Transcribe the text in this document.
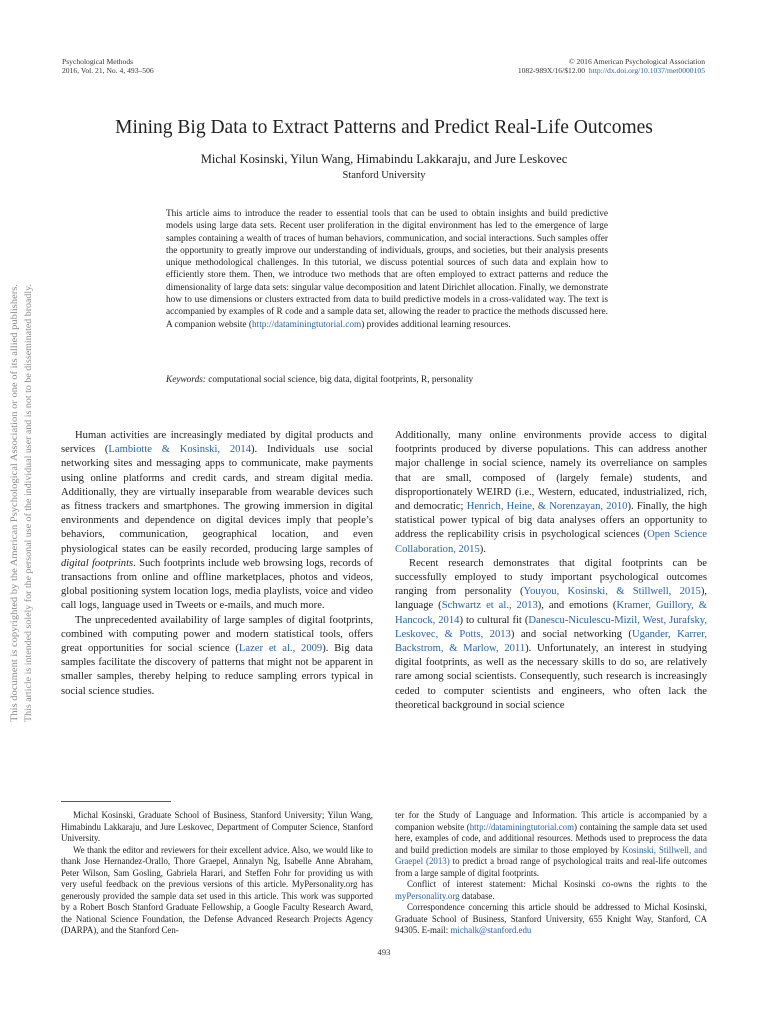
Psychological Methods
2016, Vol. 21, No. 4, 493–506
© 2016 American Psychological Association
1082-989X/16/$12.00 http://dx.doi.org/10.1037/met0000105
Mining Big Data to Extract Patterns and Predict Real-Life Outcomes
Michal Kosinski, Yilun Wang, Himabindu Lakkaraju, and Jure Leskovec
Stanford University
This article aims to introduce the reader to essential tools that can be used to obtain insights and build predictive models using large data sets. Recent user proliferation in the digital environment has led to the emergence of large samples containing a wealth of traces of human behaviors, communication, and social interactions. Such samples offer the opportunity to greatly improve our understanding of individuals, groups, and societies, but their analysis presents unique methodological challenges. In this tutorial, we discuss potential sources of such data and explain how to efficiently store them. Then, we introduce two methods that are often employed to extract patterns and reduce the dimensionality of large data sets: singular value decomposition and latent Dirichlet allocation. Finally, we demonstrate how to use dimensions or clusters extracted from data to build predictive models in a cross-validated way. The text is accompanied by examples of R code and a sample data set, allowing the reader to practice the methods discussed here. A companion website (http://dataminingtutorial.com) provides additional learning resources.
Keywords: computational social science, big data, digital footprints, R, personality
This document is copyrighted by the American Psychological Association or one of its allied publishers. This article is intended solely for the personal use of the individual user and is not to be disseminated broadly.	Human activities are increasingly mediated by digital products and services (Lambiotte & Kosinski, 2014). Individuals use social networking sites and messaging apps to communicate, make payments using online platforms and credit cards, and stream digital media. Additionally, they are virtually inseparable from wearable devices such as fitness trackers and smartphones. The growing immersion in digital environments and dependence on digital devices imply that people’s behaviors, communication, geographical location, and even physiological states can be easily recorded, producing large samples of digital footprints. Such footprints include web browsing logs, records of transactions from online and offline marketplaces, photos and videos, global positioning system location logs, media playlists, voice and video call logs, language used in Tweets or e-mails, and much more.

The unprecedented availability of large samples of digital footprints, combined with computing power and modern statistical tools, offers great opportunities for social science (Lazer et al., 2009). Big data samples facilitate the discovery of patterns that might not be apparent in smaller samples, thereby helping to reduce sampling errors typical in social science studies.

Additionally, many online environments provide access to digital footprints produced by diverse populations. This can address another major challenge in social science, namely its overreliance on samples that are small, composed of (largely female) students, and disproportionately WEIRD (i.e., Western, educated, industrialized, rich, and democratic; Henrich, Heine, & Norenzayan, 2010). Finally, the high statistical power typical of big data analyses offers an opportunity to address the replicability crisis in psychological sciences (Open Science Collaboration, 2015).

Recent research demonstrates that digital footprints can be successfully employed to study important psychological outcomes ranging from personality (Youyou, Kosinski, & Stillwell, 2015), language (Schwartz et al., 2013), and emotions (Kramer, Guillory, & Hancock, 2014) to cultural fit (Danescu-Niculescu-Mizil, West, Jurafsky, Leskovec, & Potts, 2013) and social networking (Ugander, Karrer, Backstrom, & Marlow, 2011). Unfortunately, an interest in studying digital footprints, as well as the necessary skills to do so, are relatively rare among social scientists. Consequently, such research is increasingly ceded to computer scientists and engineers, who often lack the theoretical background in social science

Michal Kosinski, Graduate School of Business, Stanford University; Yilun Wang, Himabindu Lakkaraju, and Jure Leskovec, Department of Computer Science, Stanford University.

We thank the editor and reviewers for their excellent advice. Also, we would like to thank Jose Hernandez-Orallo, Thore Graepel, Annalyn Ng, Isabelle Anne Abraham, Peter Wilson, Sam Gosling, Gabriela Harari, and Steffen Fohr for providing us with very useful feedback on the previous versions of this article. MyPersonality.org has generously provided the sample data set used in this article. This work was supported by a Robert Bosch Stanford Graduate Fellowship, a Google Faculty Research Award, the National Science Foundation, the Defense Advanced Research Projects Agency (DARPA), and the Stanford Cen-

ter for the Study of Language and Information. This article is accompanied by a companion website (http://dataminingtutorial.com) containing the sample data set used here, examples of code, and additional resources. Methods used to preprocess the data and build prediction models are similar to those employed by Kosinski, Stillwell, and Graepel (2013) to predict a broad range of psychological traits and real-life outcomes from a large sample of digital footprints.

Conflict of interest statement: Michal Kosinski co-owns the rights to the myPersonality.org database.

Correspondence concerning this article should be addressed to Michal Kosinski, Graduate School of Business, Stanford University, 655 Knight Way, Stanford, CA 94305. E-mail: michalk@stanford.edu

493
